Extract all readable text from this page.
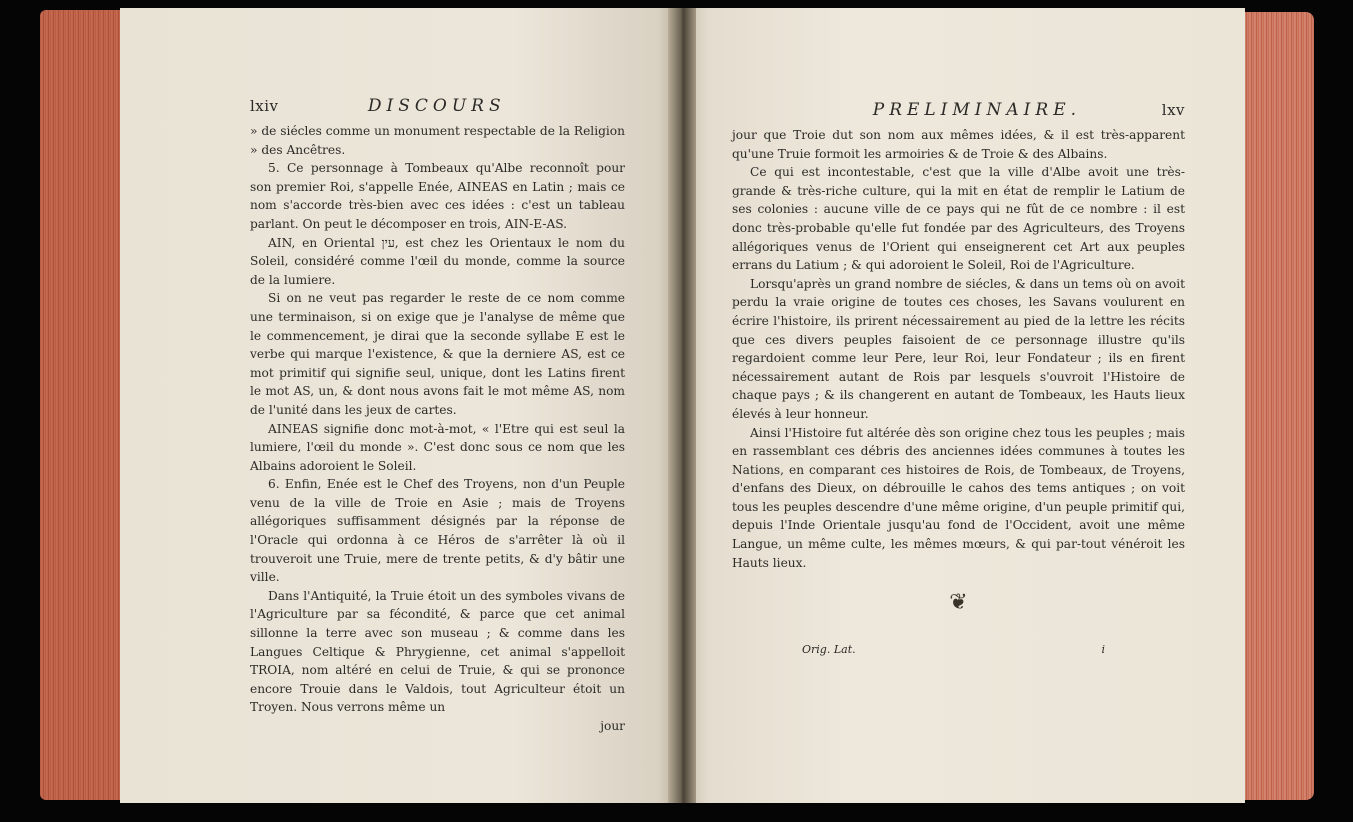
lxiv	DISCOURS

» de siécles comme un monument respectable de la Religion » des Ancêtres.

5. Ce personnage à Tombeaux qu'Albe reconnoît pour son premier Roi, s'appelle Enée, AINEAS en Latin ; mais ce nom s'accorde très-bien avec ces idées : c'est un tableau parlant. On peut le décomposer en trois, AIN-E-AS.

AIN, en Oriental עין, est chez les Orientaux le nom du Soleil, considéré comme l'œil du monde, comme la source de la lumiere.

Si on ne veut pas regarder le reste de ce nom comme une terminaison, si on exige que je l'analyse de même que le commencement, je dirai que la seconde syllabe E est le verbe qui marque l'existence, & que la derniere AS, est ce mot primitif qui signifie seul, unique, dont les Latins firent le mot AS, un, & dont nous avons fait le mot même AS, nom de l'unité dans les jeux de cartes.

AINEAS signifie donc mot-à-mot, « l'Etre qui est seul la lumiere, l'œil du monde ». C'est donc sous ce nom que les Albains adoroient le Soleil.

6. Enfin, Enée est le Chef des Troyens, non d'un Peuple venu de la ville de Troie en Asie ; mais de Troyens allégoriques suffisamment désignés par la réponse de l'Oracle qui ordonna à ce Héros de s'arrêter là où il trouveroit une Truie, mere de trente petits, & d'y bâtir une ville.

Dans l'Antiquité, la Truie étoit un des symboles vivans de l'Agriculture par sa fécondité, & parce que cet animal sillonne la terre avec son museau ; & comme dans les Langues Celtique & Phrygienne, cet animal s'appelloit TROIA, nom altéré en celui de Truie, & qui se prononce encore Trouie dans le Valdois, tout Agriculteur étoit un Troyen. Nous verrons même un

jour

PRELIMINAIRE.	lxv

jour que Troie dut son nom aux mêmes idées, & il est très-apparent qu'une Truie formoit les armoiries & de Troie & des Albains.

Ce qui est incontestable, c'est que la ville d'Albe avoit une très-grande & très-riche culture, qui la mit en état de remplir le Latium de ses colonies : aucune ville de ce pays qui ne fût de ce nombre : il est donc très-probable qu'elle fut fondée par des Agriculteurs, des Troyens allégoriques venus de l'Orient qui enseignerent cet Art aux peuples errans du Latium ; & qui adoroient le Soleil, Roi de l'Agriculture.

Lorsqu'après un grand nombre de siécles, & dans un tems où on avoit perdu la vraie origine de toutes ces choses, les Savans voulurent en écrire l'histoire, ils prirent nécessairement au pied de la lettre les récits que ces divers peuples faisoient de ce personnage illustre qu'ils regardoient comme leur Pere, leur Roi, leur Fondateur ; ils en firent nécessairement autant de Rois par lesquels s'ouvroit l'Histoire de chaque pays ; & ils changerent en autant de Tombeaux, les Hauts lieux élevés à leur honneur.

Ainsi l'Histoire fut altérée dès son origine chez tous les peuples ; mais en rassemblant ces débris des anciennes idées communes à toutes les Nations, en comparant ces histoires de Rois, de Tombeaux, de Troyens, d'enfans des Dieux, on débrouille le cahos des tems antiques ; on voit tous les peuples descendre d'une même origine, d'un peuple primitif qui, depuis l'Inde Orientale jusqu'au fond de l'Occident, avoit une même Langue, un même culte, les mêmes mœurs, & qui par-tout vénéroit les Hauts lieux.

❦
Orig. Lat.	i
